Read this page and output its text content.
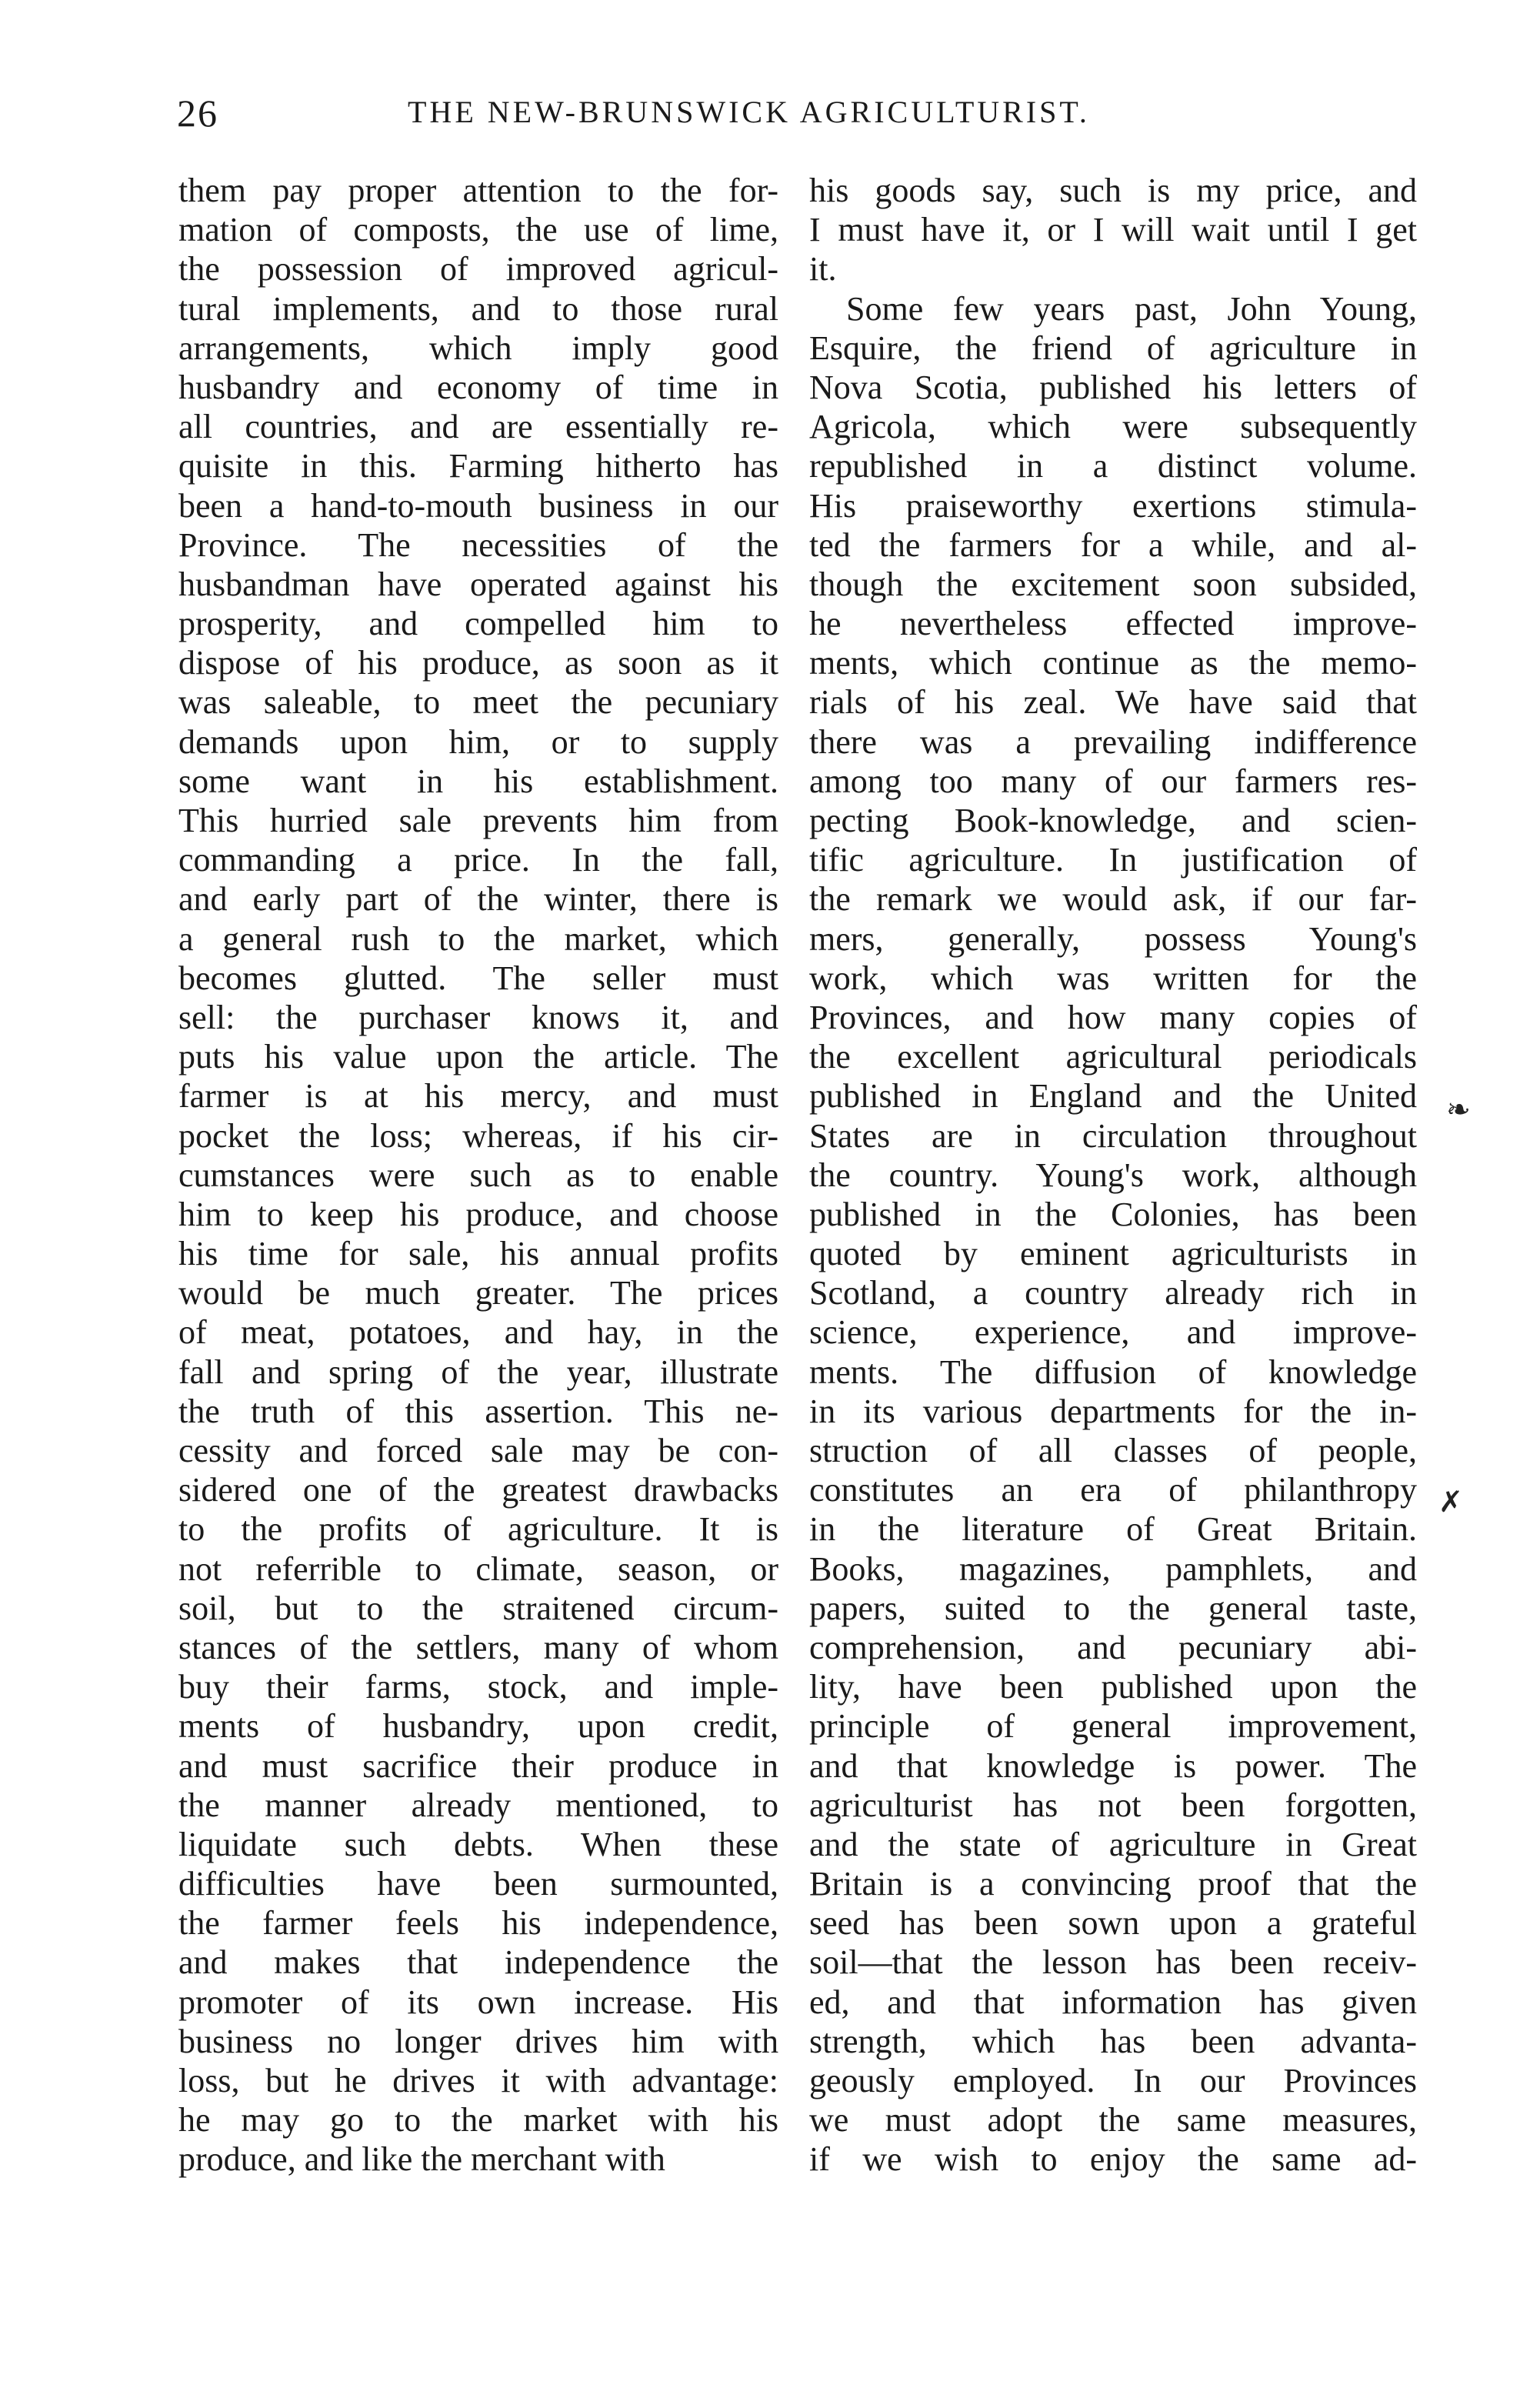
26	THE NEW-BRUNSWICK AGRICULTURIST.
them pay proper attention to the for-
mation of composts, the use of lime,
the possession of improved agricul-
tural implements, and to those rural
arrangements, which imply good
husbandry and economy of time in
all countries, and are essentially re-
quisite in this. Farming hitherto has
been a hand-to-mouth business in our
Province. The necessities of the
husbandman have operated against his
prosperity, and compelled him to
dispose of his produce, as soon as it
was saleable, to meet the pecuniary
demands upon him, or to supply
some want in his establishment.
This hurried sale prevents him from
commanding a price. In the fall,
and early part of the winter, there is
a general rush to the market, which
becomes glutted. The seller must
sell: the purchaser knows it, and
puts his value upon the article. The
farmer is at his mercy, and must
pocket the loss; whereas, if his cir-
cumstances were such as to enable
him to keep his produce, and choose
his time for sale, his annual profits
would be much greater. The prices
of meat, potatoes, and hay, in the
fall and spring of the year, illustrate
the truth of this assertion. This ne-
cessity and forced sale may be con-
sidered one of the greatest drawbacks
to the profits of agriculture. It is
not referrible to climate, season, or
soil, but to the straitened circum-
stances of the settlers, many of whom
buy their farms, stock, and imple-
ments of husbandry, upon credit,
and must sacrifice their produce in
the manner already mentioned, to
liquidate such debts. When these
difficulties have been surmounted,
the farmer feels his independence,
and makes that independence the
promoter of its own increase. His
business no longer drives him with
loss, but he drives it with advantage:
he may go to the market with his
produce, and like the merchant with
his goods say, such is my price, and
I must have it, or I will wait until I get
it.
Some few years past, John Young,
Esquire, the friend of agriculture in
Nova Scotia, published his letters of
Agricola, which were subsequently
republished in a distinct volume.
His praiseworthy exertions stimula-
ted the farmers for a while, and al-
though the excitement soon subsided,
he nevertheless effected improve-
ments, which continue as the memo-
rials of his zeal. We have said that
there was a prevailing indifference
among too many of our farmers res-
pecting Book-knowledge, and scien-
tific agriculture. In justification of
the remark we would ask, if our far-
mers, generally, possess Young's
work, which was written for the
Provinces, and how many copies of
the excellent agricultural periodicals
published in England and the United
States are in circulation throughout
the country. Young's work, although
published in the Colonies, has been
quoted by eminent agriculturists in
Scotland, a country already rich in
science, experience, and improve-
ments. The diffusion of knowledge
in its various departments for the in-
struction of all classes of people,
constitutes an era of philanthropy
in the literature of Great Britain.
Books, magazines, pamphlets, and
papers, suited to the general taste,
comprehension, and pecuniary abi-
lity, have been published upon the
principle of general improvement,
and that knowledge is power. The
agriculturist has not been forgotten,
and the state of agriculture in Great
Britain is a convincing proof that the
seed has been sown upon a grateful
soil—that the lesson has been receiv-
ed, and that information has given
strength, which has been advanta-
geously employed. In our Provinces
we must adopt the same measures,
if we wish to enjoy the same ad-
❧
✗
